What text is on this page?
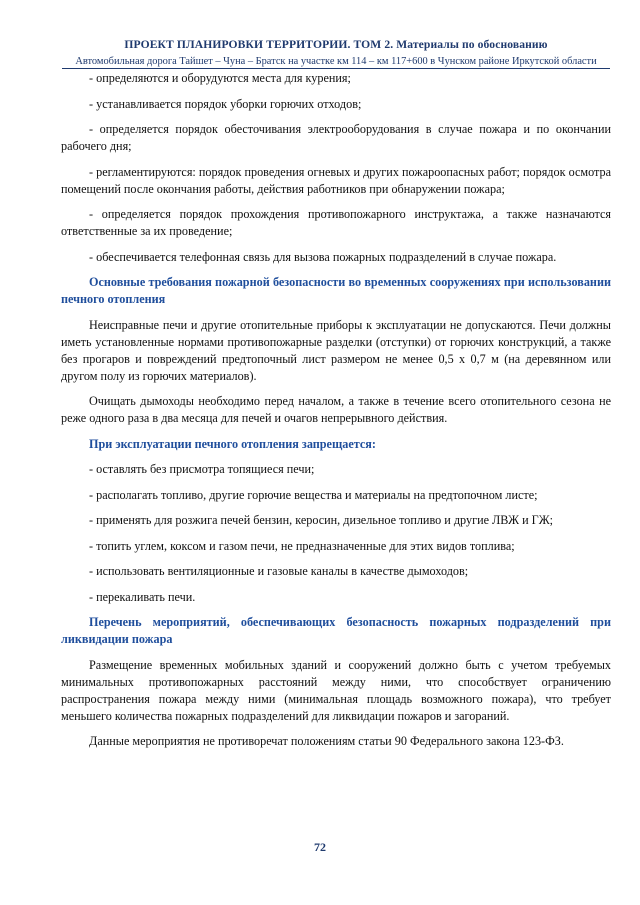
ПРОЕКТ ПЛАНИРОВКИ ТЕРРИТОРИИ. ТОМ 2. Материалы по обоснованию
Автомобильная дорога Тайшет – Чуна – Братск на участке км 114 – км 117+600 в Чунском районе Иркутской области

- определяются и оборудуются места для курения;

- устанавливается порядок уборки горючих отходов;

- определяется порядок обесточивания электрооборудования в случае пожара и по окончании рабочего дня;

- регламентируются: порядок проведения огневых и других пожароопасных работ; порядок осмотра помещений после окончания работы, действия работников при обнаружении пожара;

- определяется порядок прохождения противопожарного инструктажа, а также назначаются ответственные за их проведение;

- обеспечивается телефонная связь для вызова пожарных подразделений в случае пожара.

Основные требования пожарной безопасности во временных сооружениях при использовании печного отопления

Неисправные печи и другие отопительные приборы к эксплуатации не допускаются. Печи должны иметь установленные нормами противопожарные разделки (отступки) от горючих конструкций, а также без прогаров и повреждений предтопочный лист размером не менее 0,5 х 0,7 м (на деревянном или другом полу из горючих материалов).

Очищать дымоходы необходимо перед началом, а также в течение всего отопительного сезона не реже одного раза в два месяца для печей и очагов непрерывного действия.

При эксплуатации печного отопления запрещается:

- оставлять без присмотра топящиеся печи;

- располагать топливо, другие горючие вещества и материалы на предтопочном листе;

- применять для розжига печей бензин, керосин, дизельное топливо и другие ЛВЖ и ГЖ;

- топить углем, коксом и газом печи, не предназначенные для этих видов топлива;

- использовать вентиляционные и газовые каналы в качестве дымоходов;

- перекаливать печи.

Перечень мероприятий, обеспечивающих безопасность пожарных подразделений при ликвидации пожара

Размещение временных мобильных зданий и сооружений должно быть с учетом требуемых минимальных противопожарных расстояний между ними, что способствует ограничению распространения пожара между ними (минимальная площадь возможного пожара), что требует меньшего количества пожарных подразделений для ликвидации пожаров и загораний.

Данные мероприятия не противоречат положениям статьи 90 Федерального закона 123-ФЗ.

72
